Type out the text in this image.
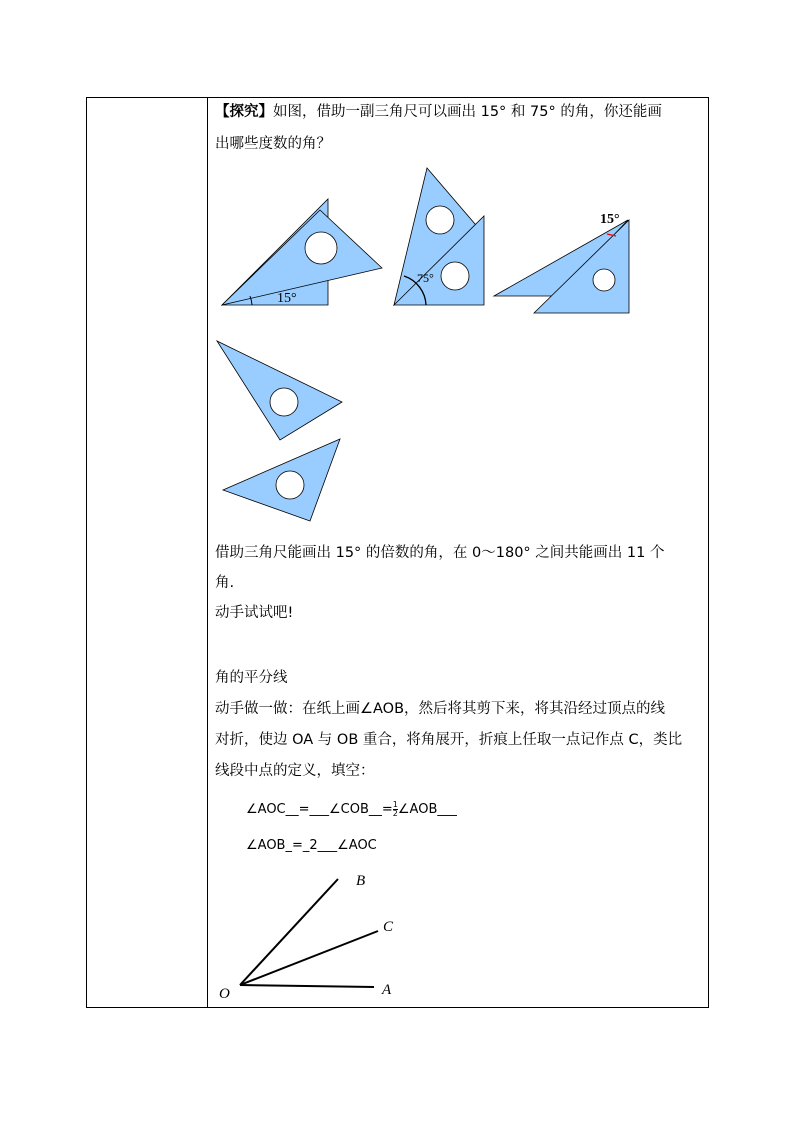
【探究】如图，借助一副三角尺可以画出 15° 和 75° 的角，你还能画
出哪些度数的角？
15°
75°
15°
借助三角尺能画出 15° 的倍数的角，在 0～180° 之间共能画出 11 个
角.
动手试试吧!
角的平分线
动手做一做：在纸上画∠AOB，然后将其剪下来，将其沿经过顶点的线
对折，使边 OA 与 OB 重合，将角展开，折痕上任取一点记作点 C，类比
线段中点的定义，填空：
∠AOC__=___∠COB__= $\frac{1}{2}$ ∠AOB___
∠AOB_=_2___∠AOC
B
C
O	A
